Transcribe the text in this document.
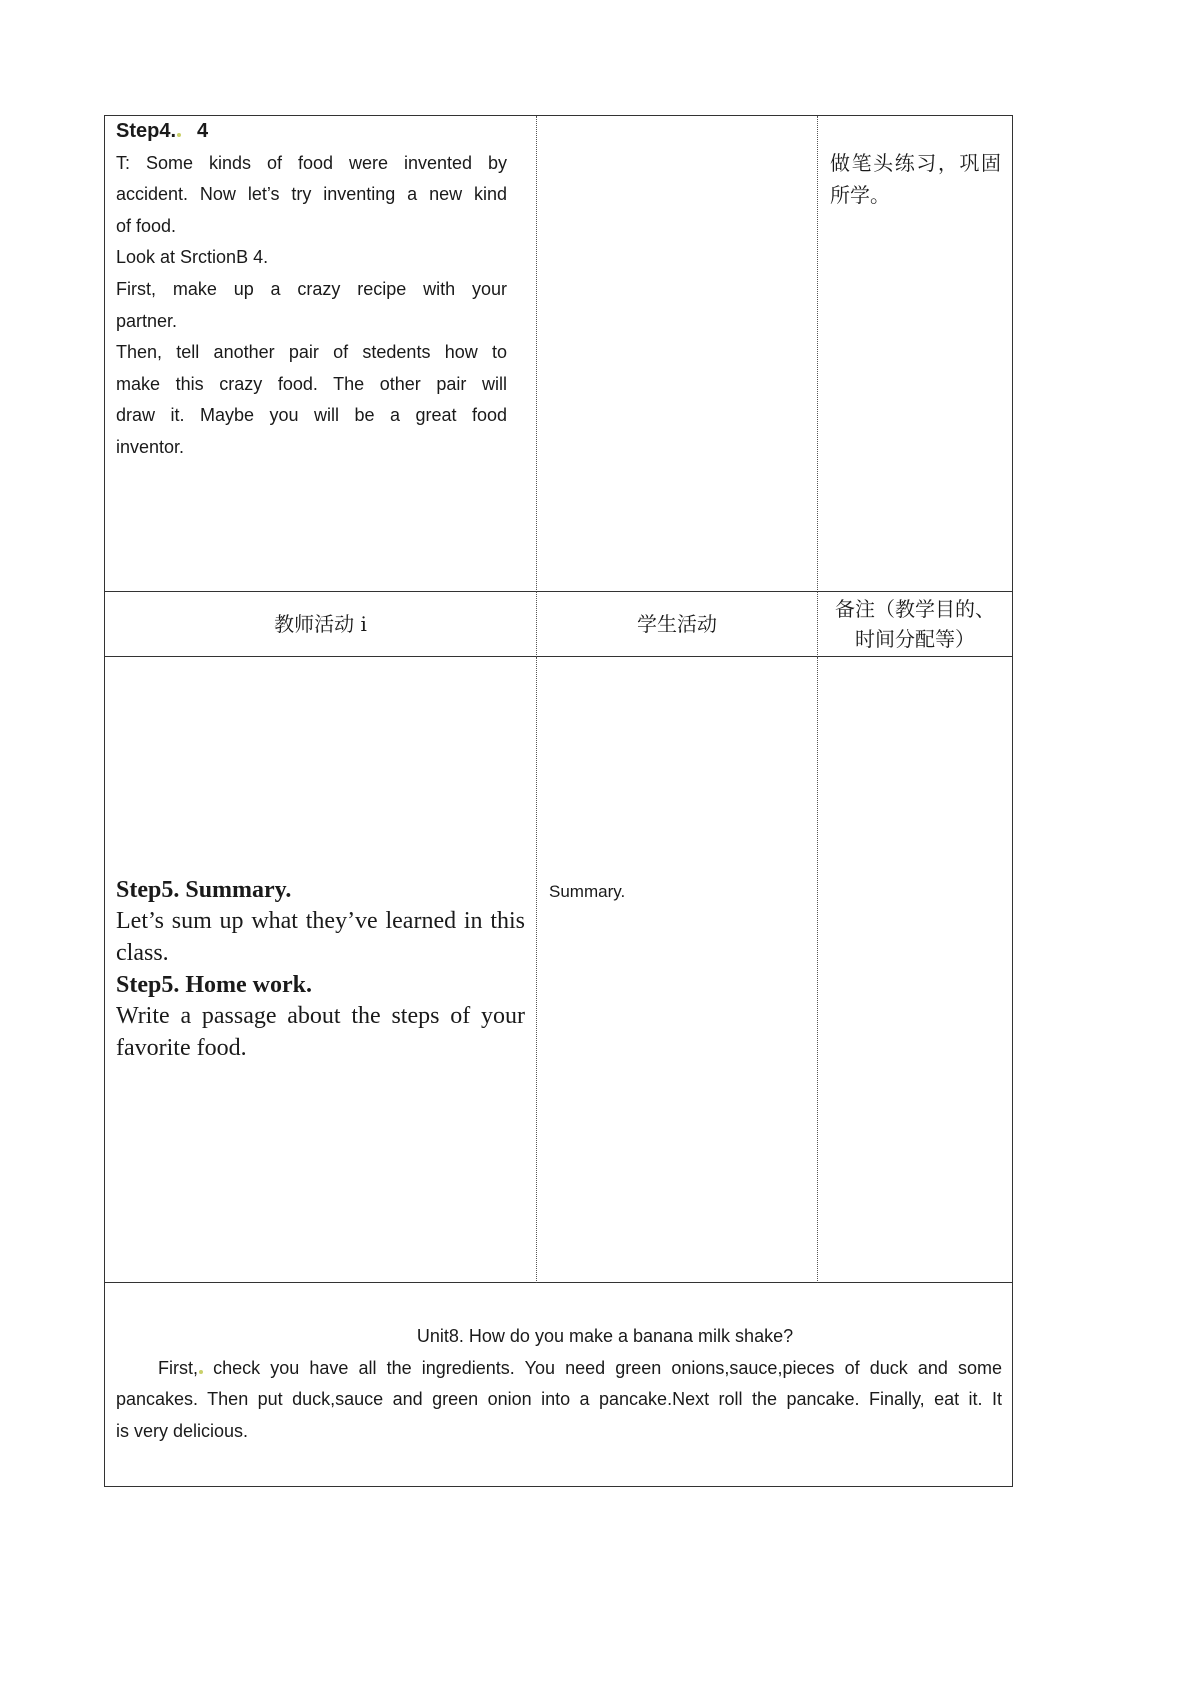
Step4. 4
T: Some kinds of food were invented by
accident. Now let’s try inventing a new kind
of food.
Look at SrctionB 4.
First, make up a crazy recipe with your
partner.
Then, tell another pair of stedents how to
make this crazy food. The other pair will
draw it. Maybe you will be a great food
inventor.
做笔头练习，巩固
所学。
教师活动 i	学生活动
备注（教学目的、
时间分配等）
Step5. Summary.
Let’s sum up what they’ve learned in this
class.
Step5. Home work.
Write a passage about the steps of your
favorite food.
Summary.
Unit8. How do you make a banana milk shake?
First, check you have all the ingredients. You need green onions,sauce,pieces of duck and some
pancakes. Then put duck,sauce and green onion into a pancake.Next roll the pancake. Finally, eat it. It
is very delicious.
